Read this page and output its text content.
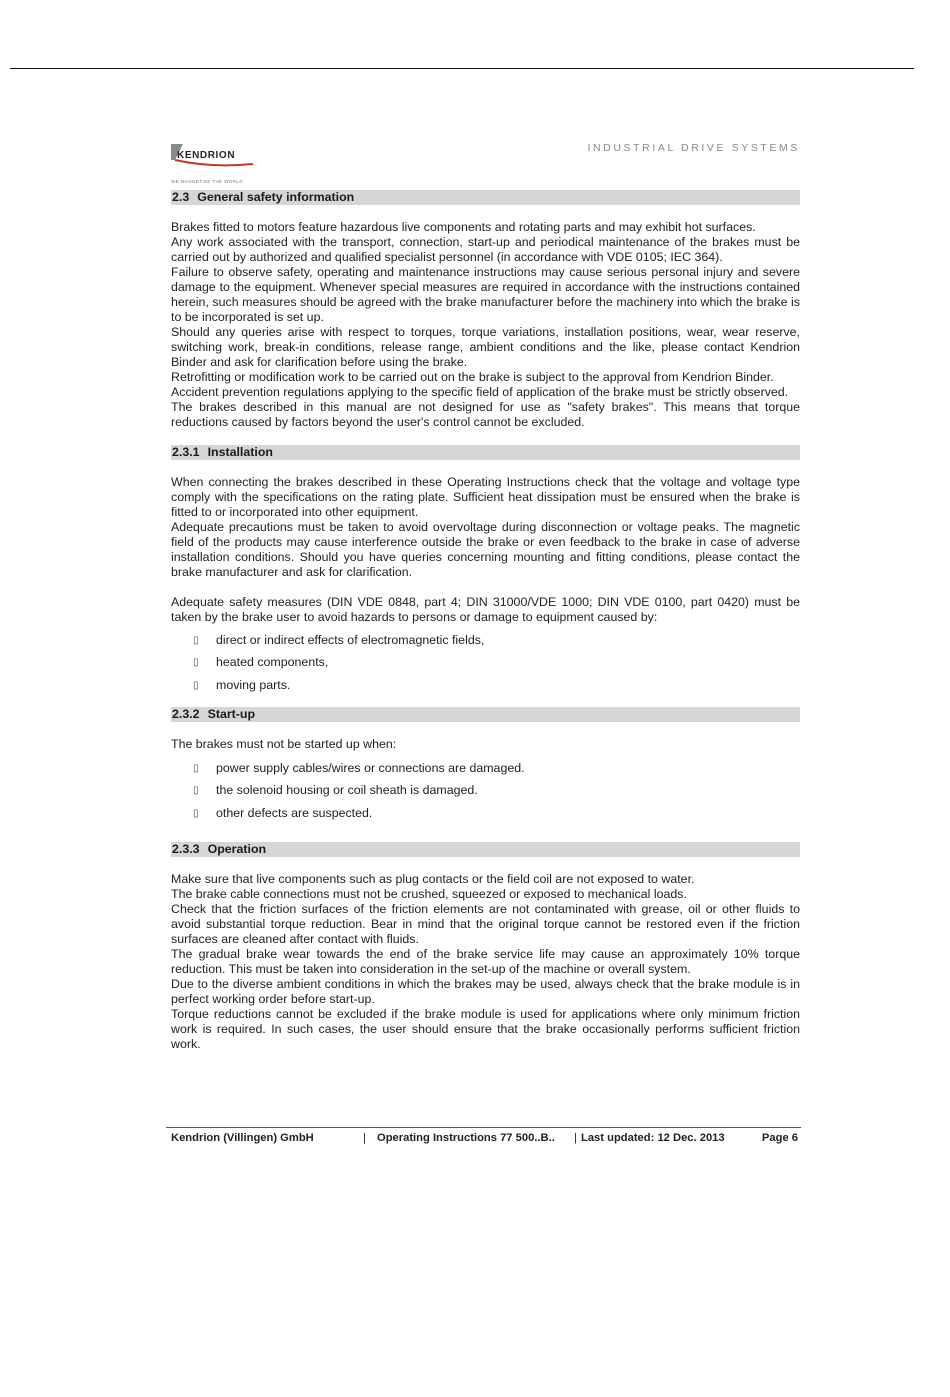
KENDRION
WE MAGNETISE THE WORLD
INDUSTRIAL DRIVE SYSTEMS
2.3 General safety information

Brakes fitted to motors feature hazardous live components and rotating parts and may exhibit hot surfaces.

Any work associated with the transport, connection, start-up and periodical maintenance of the brakes must be carried out by authorized and qualified specialist personnel (in accordance with VDE 0105; IEC 364).

Failure to observe safety, operating and maintenance instructions may cause serious personal injury and severe damage to the equipment. Whenever special measures are required in accordance with the instructions contained herein, such measures should be agreed with the brake manufacturer before the machinery into which the brake is to be incorporated is set up.

Should any queries arise with respect to torques, torque variations, installation positions, wear, wear reserve, switching work, break-in conditions, release range, ambient conditions and the like, please contact Kendrion Binder and ask for clarification before using the brake.

Retrofitting or modification work to be carried out on the brake is subject to the approval from Kendrion Binder.

Accident prevention regulations applying to the specific field of application of the brake must be strictly observed.

The brakes described in this manual are not designed for use as "safety brakes". This means that torque reductions caused by factors beyond the user's control cannot be excluded.

2.3.1 Installation

When connecting the brakes described in these Operating Instructions check that the voltage and voltage type comply with the specifications on the rating plate. Sufficient heat dissipation must be ensured when the brake is fitted to or incorporated into other equipment.

Adequate precautions must be taken to avoid overvoltage during disconnection or voltage peaks. The magnetic field of the products may cause interference outside the brake or even feedback to the brake in case of adverse installation conditions. Should you have queries concerning mounting and fitting conditions, please contact the brake manufacturer and ask for clarification.

Adequate safety measures (DIN VDE 0848, part 4; DIN 31000/VDE 1000; DIN VDE 0100, part 0420) must be taken by the brake user to avoid hazards to persons or damage to equipment caused by:

▯ direct or indirect effects of electromagnetic fields,
▯ heated components,
▯ moving parts.
2.3.2 Start-up

The brakes must not be started up when:

▯ power supply cables/wires or connections are damaged.
▯ the solenoid housing or coil sheath is damaged.
▯ other defects are suspected.
2.3.3 Operation

Make sure that live components such as plug contacts or the field coil are not exposed to water.

The brake cable connections must not be crushed, squeezed or exposed to mechanical loads.

Check that the friction surfaces of the friction elements are not contaminated with grease, oil or other fluids to avoid substantial torque reduction. Bear in mind that the original torque cannot be restored even if the friction surfaces are cleaned after contact with fluids.

The gradual brake wear towards the end of the brake service life may cause an approximately 10% torque reduction. This must be taken into consideration in the set-up of the machine or overall system.

Due to the diverse ambient conditions in which the brakes may be used, always check that the brake module is in perfect working order before start-up.

Torque reductions cannot be excluded if the brake module is used for applications where only minimum friction work is required. In such cases, the user should ensure that the brake occasionally performs sufficient friction work.

Kendrion (Villingen) GmbH	| Operating Instructions 77 500..B.. | Last updated: 12 Dec. 2013	Page 6
